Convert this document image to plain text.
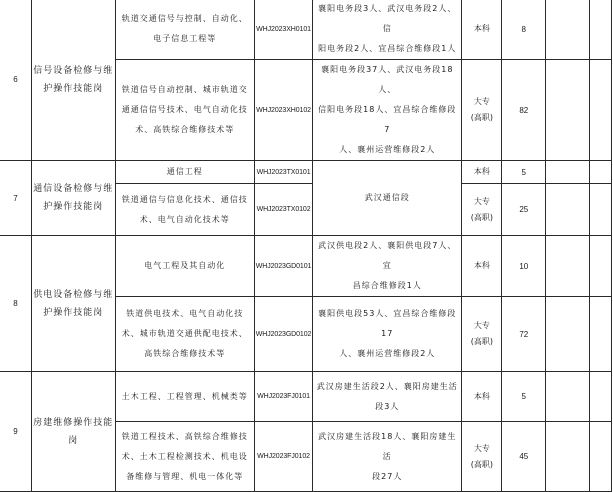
6	信号设备检修与维
护操作技能岗	轨道交通信号与控制、自动化、
电子信息工程等	WHJ2023XH0101	襄阳电务段3人、武汉电务段2人、信
阳电务段2人、宜昌综合维修段1人	本科	8		

		铁道信号自动控制、城市轨道交
通通信信号技术、电气自动化技
术、高铁综合维修技术等	WHJ2023XH0102	襄阳电务段37人、武汉电务段18人、
信阳电务段18人、宜昌综合维修段7
人、襄州运营维修段2人	大专
(高职)	82		
7	通信设备检修与维
护操作技能岗	通信工程	WHJ2023TX0101	武汉通信段	本科	5		

		铁道通信与信息化技术、通信技
术、电气自动化技术等	WHJ2023TX0102		大专
(高职)	25		
8	供电设备检修与维
护操作技能岗	电气工程及其自动化	WHJ2023GD0101	武汉供电段2人、襄阳供电段7人、宜
昌综合维修段1人	本科	10		

		铁道供电技术、电气自动化技
术、城市轨道交通供配电技术、
高铁综合维修技术等	WHJ2023GD0102	襄阳供电段53人、宜昌综合维修段17
人、襄州运营维修段2人	大专
(高职)	72		
9	房建维修操作技能
岗	土木工程、工程管理、机械类等	WHJ2023FJ0101	武汉房建生活段2人、襄阳房建生活
段3人	本科	5		

		铁道工程技术、高铁综合维修技
术、土木工程检测技术、机电设
备维修与管理、机电一体化等	WHJ2023FJ0102	武汉房建生活段18人、襄阳房建生活
段27人	大专
(高职)	45		
